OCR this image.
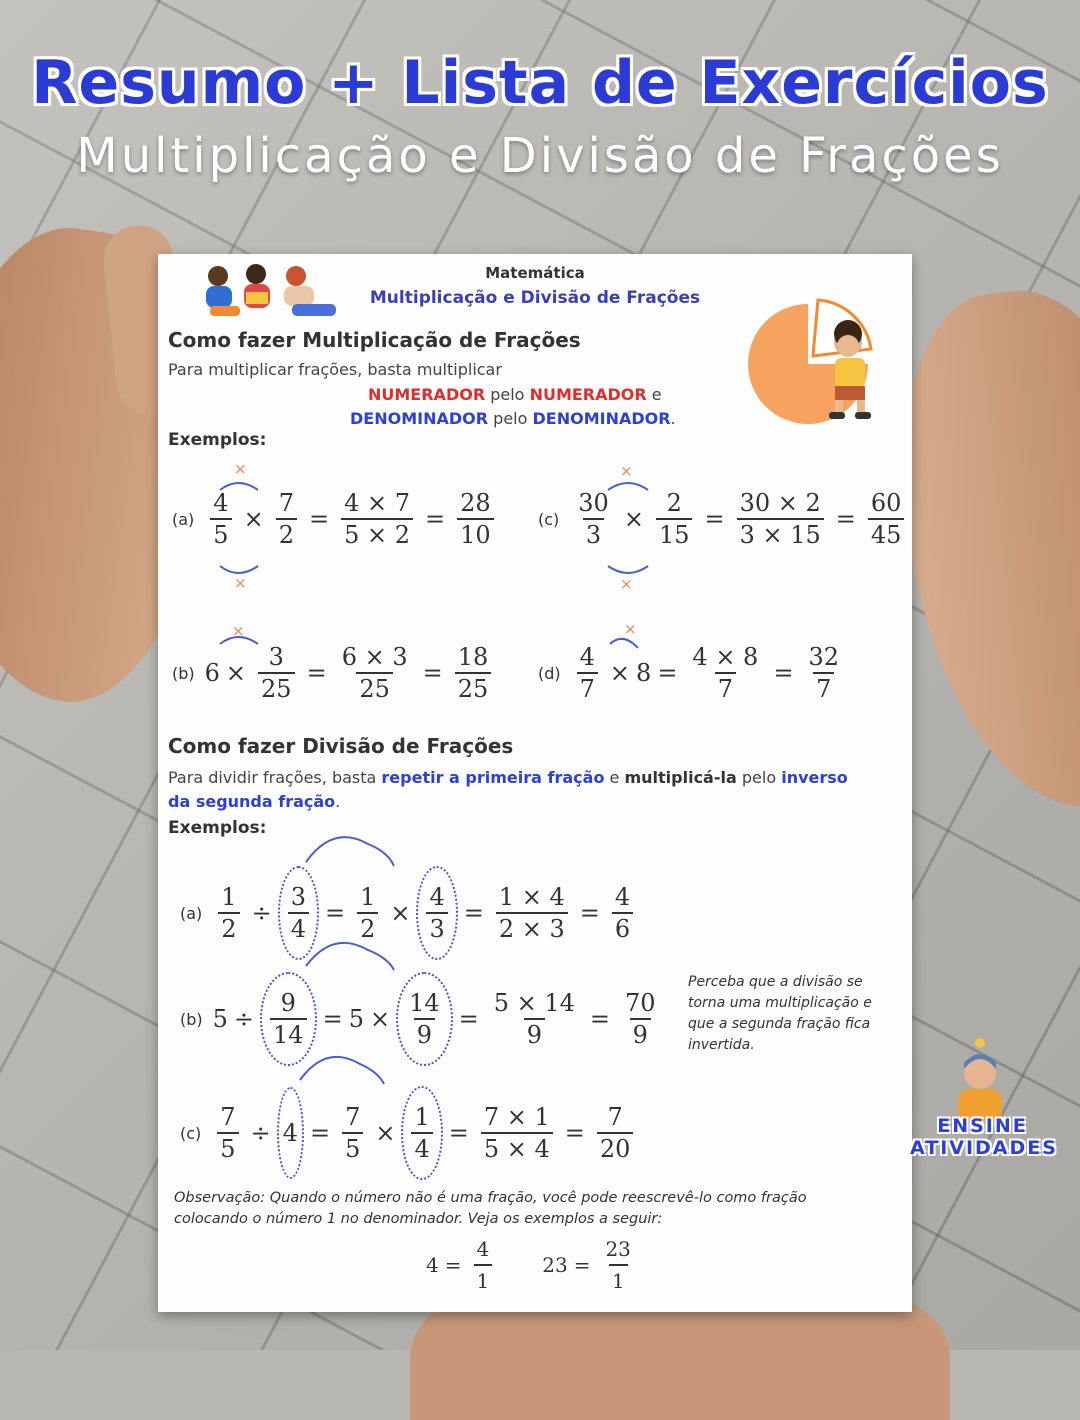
Resumo + Lista de Exercícios
Multiplicação e Divisão de Frações
Matemática
Multiplicação e Divisão de Frações
Como fazer Multiplicação de Frações
Para multiplicar frações, basta multiplicar
NUMERADOR pelo NUMERADOR e
DENOMINADOR pelo DENOMINADOR.
Exemplos:
$(a) \frac{4}{5} \times \frac{7}{2} = \frac{4 \times 7}{5 \times 2} = \frac{28}{10}$	$(c) \frac{30}{3} \times \frac{2}{15} = \frac{30 \times 2}{3 \times 15} = \frac{60}{45}$
(b) $6 \times \frac{3}{25} = \frac{6 \times 3}{25} = \frac{18}{25}$	$(d) \frac{4}{7} \times 8 = \frac{4 \times 8}{7} = \frac{32}{7}$
Como fazer Divisão de Frações
Para dividir frações, basta repetir a primeira fração e multiplicá-la pelo inverso da segunda fração.
Exemplos:
$(a) \frac{1}{2} \div \frac{3}{4} = \frac{1}{2} \times \frac{4}{3} = \frac{1 \times 4}{2 \times 3} = \frac{4}{6}$
(b) $5 \div \frac{9}{14} = 5 \times \frac{14}{9} = \frac{5 \times 14}{9} = \frac{70}{9}$
Perceba que a divisão se torna uma multiplicação e que a segunda fração fica invertida.
$(c) \frac{7}{5} \div 4 = \frac{7}{5} \times \frac{1}{4} = \frac{7 \times 1}{5 \times 4} = \frac{7}{20}$
Observação: Quando o número não é uma fração, você pode reescrevê-lo como fração colocando o número 1 no denominador. Veja os exemplos a seguir:
$4 = \frac{4}{1}$	$23 = \frac{23}{1}$
×
×
×
×
×	×
ENSINE
ATIVIDADES
